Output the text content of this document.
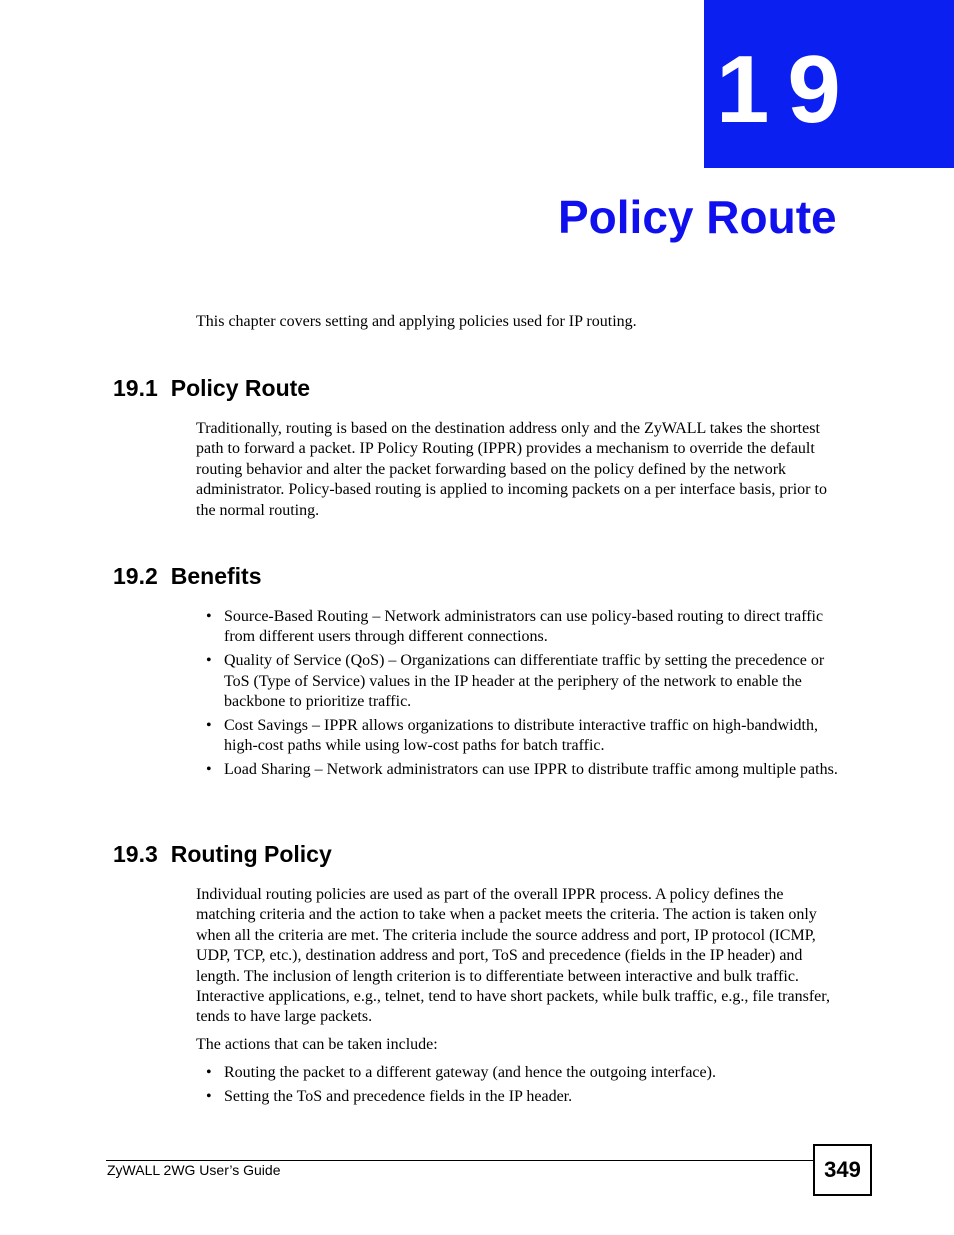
19
Policy Route

This chapter covers setting and applying policies used for IP routing.

19.1 Policy Route

Traditionally, routing is based on the destination address only and the ZyWALL takes the shortest path to forward a packet. IP Policy Routing (IPPR) provides a mechanism to override the default routing behavior and alter the packet forwarding based on the policy defined by the network administrator. Policy-based routing is applied to incoming packets on a per interface basis, prior to the normal routing.

19.2 Benefits
• Source-Based Routing – Network administrators can use policy-based routing to direct traffic from different users through different connections.
• Quality of Service (QoS) – Organizations can differentiate traffic by setting the precedence or ToS (Type of Service) values in the IP header at the periphery of the network to enable the backbone to prioritize traffic.
• Cost Savings – IPPR allows organizations to distribute interactive traffic on high-bandwidth, high-cost paths while using low-cost paths for batch traffic.
• Load Sharing – Network administrators can use IPPR to distribute traffic among multiple paths.
19.3 Routing Policy

Individual routing policies are used as part of the overall IPPR process. A policy defines the matching criteria and the action to take when a packet meets the criteria. The action is taken only when all the criteria are met. The criteria include the source address and port, IP protocol (ICMP, UDP, TCP, etc.), destination address and port, ToS and precedence (fields in the IP header) and length. The inclusion of length criterion is to differentiate between interactive and bulk traffic. Interactive applications, e.g., telnet, tend to have short packets, while bulk traffic, e.g., file transfer, tends to have large packets.

The actions that can be taken include:

• Routing the packet to a different gateway (and hence the outgoing interface).
• Setting the ToS and precedence fields in the IP header.
ZyWALL 2WG User’s Guide	349
